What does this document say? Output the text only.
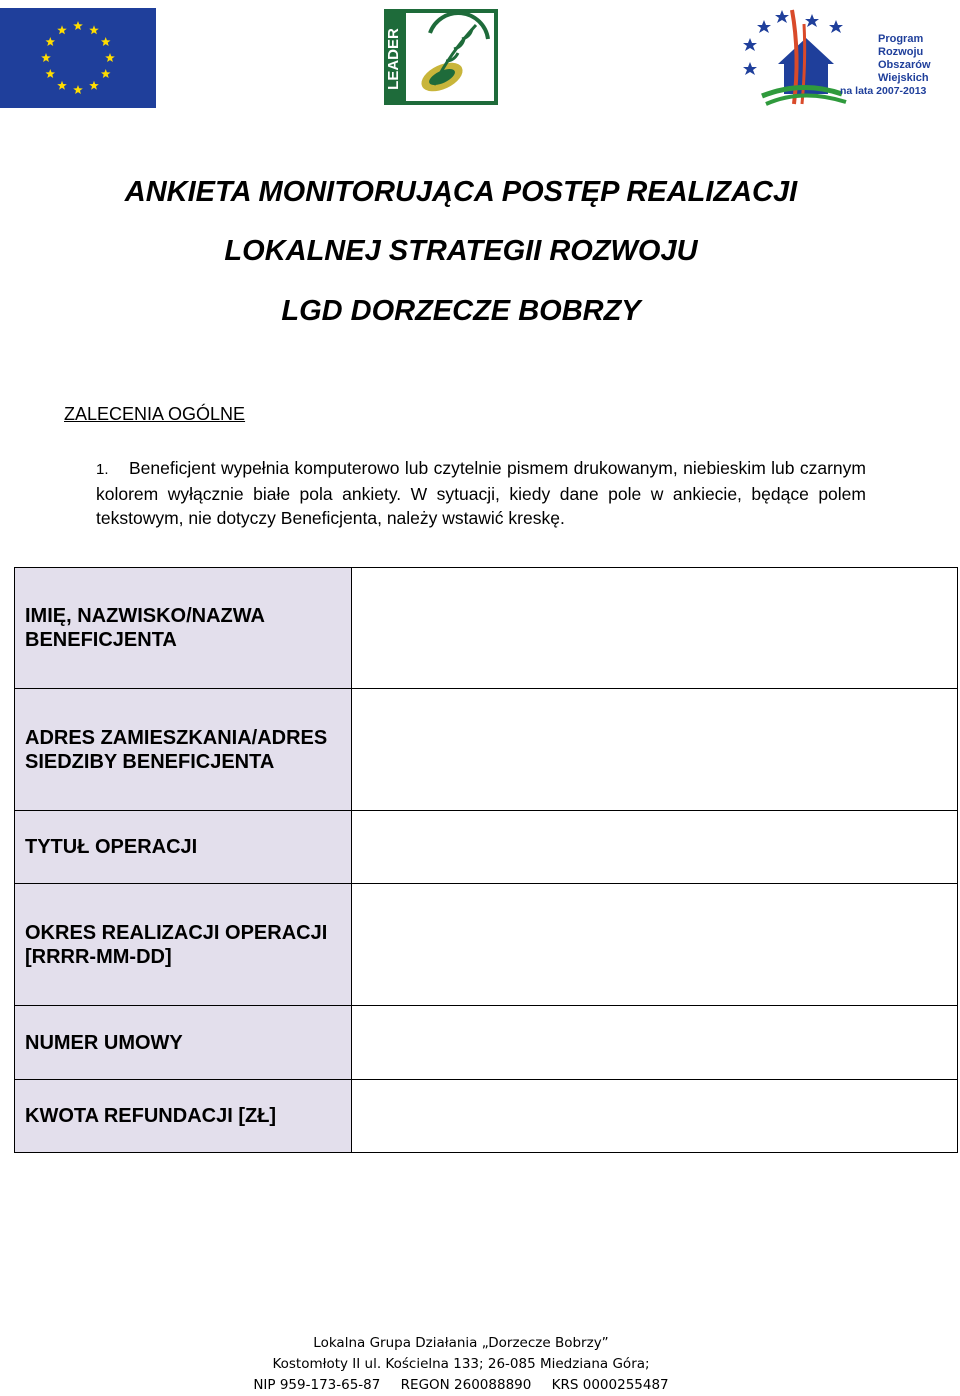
LEADER	Program
Rozwoju
Obszarów
Wiejskich
na lata 2007-2013
ANKIETA MONITORUJĄCA POSTĘP REALIZACJI
LOKALNEJ STRATEGII ROZWOJU
LGD DORZECZE BOBRZY
ZALECENIA OGÓLNE
1. Beneficjent wypełnia komputerowo lub czytelnie pismem drukowanym, niebieskim lub czarnym kolorem wyłącznie białe pola ankiety. W sytuacji, kiedy dane pole w ankiecie, będące polem tekstowym, nie dotyczy Beneficjenta, należy wstawić kreskę.
IMIĘ, NAZWISKO/NAZWA BENEFICJENTA	
ADRES ZAMIESZKANIA/ADRES SIEDZIBY BENEFICJENTA	
TYTUŁ OPERACJI	
OKRES REALIZACJI OPERACJI [RRRR-MM-DD]	
NUMER UMOWY	
KWOTA REFUNDACJI [ZŁ]	
Lokalna Grupa Działania „Dorzecze Bobrzy”
Kostomłoty II ul. Kościelna 133; 26-085 Miedziana Góra;
NIP 959-173-65-87 REGON 260088890 KRS 0000255487
